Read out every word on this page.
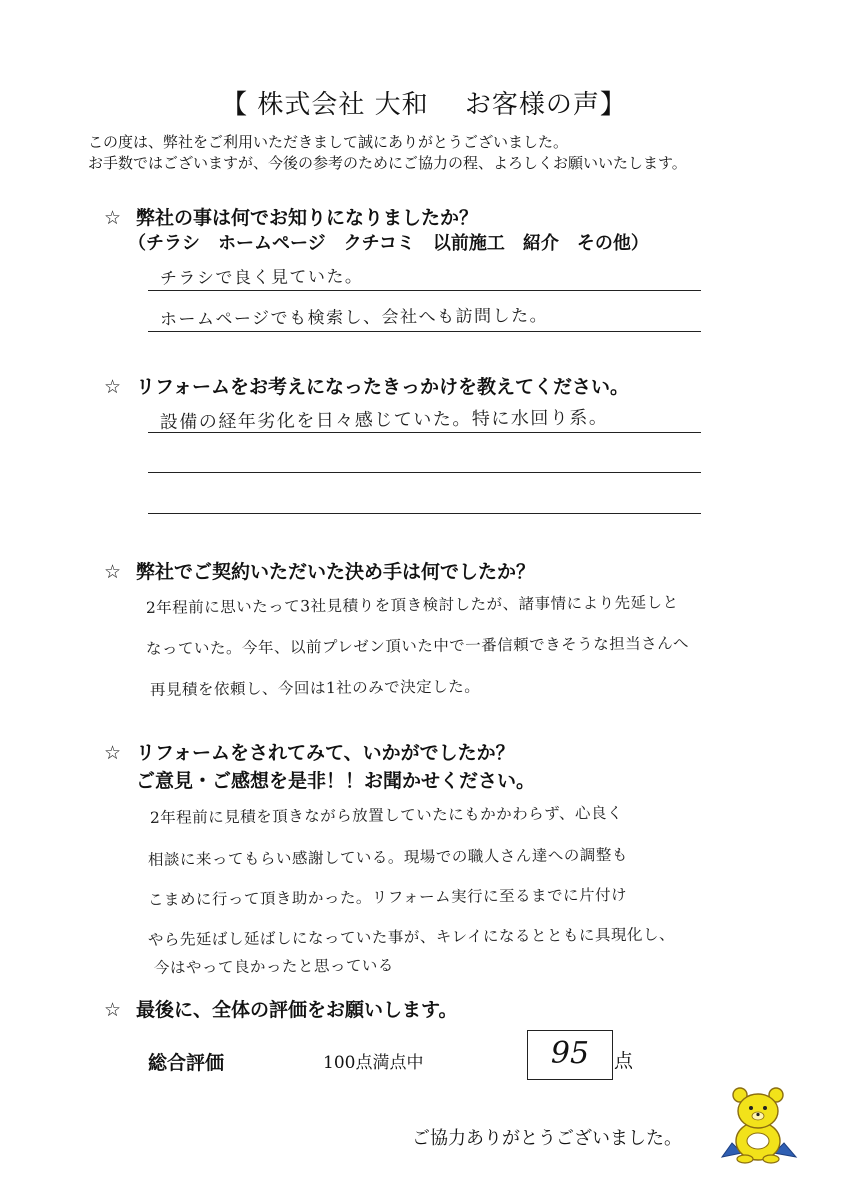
【 株式会社 大和　 お客様の声】
この度は、弊社をご利用いただきまして誠にありがとうございました。
お手数ではございますが、今後の参考のためにご協力の程、よろしくお願いいたします。
☆ 弊社の事は何でお知りになりましたか？
（チラシ　ホームページ　クチコミ　以前施工　紹介　その他）
チラシで良く見ていた。
ホームページでも検索し、会社へも訪問した。
☆ リフォームをお考えになったきっかけを教えてください。
設備の経年劣化を日々感じていた。特に水回り系。
☆ 弊社でご契約いただいた決め手は何でしたか？
2年程前に思いたって3社見積りを頂き検討したが、諸事情により先延しと
なっていた。今年、以前プレゼン頂いた中で一番信頼できそうな担当さんへ
再見積を依頼し、今回は1社のみで決定した。
☆ リフォームをされてみて、いかがでしたか？
ご意見・ご感想を是非！！お聞かせください。
2年程前に見積を頂きながら放置していたにもかかわらず、心良く
相談に来ってもらい感謝している。現場での職人さん達への調整も
こまめに行って頂き助かった。リフォーム実行に至るまでに片付け
やら先延ばし延ばしになっていた事が、キレイになるとともに具現化し、
今はやって良かったと思っている
☆ 最後に、全体の評価をお願いします。
総合評価	100点満点中	95	点
ご協力ありがとうございました。
